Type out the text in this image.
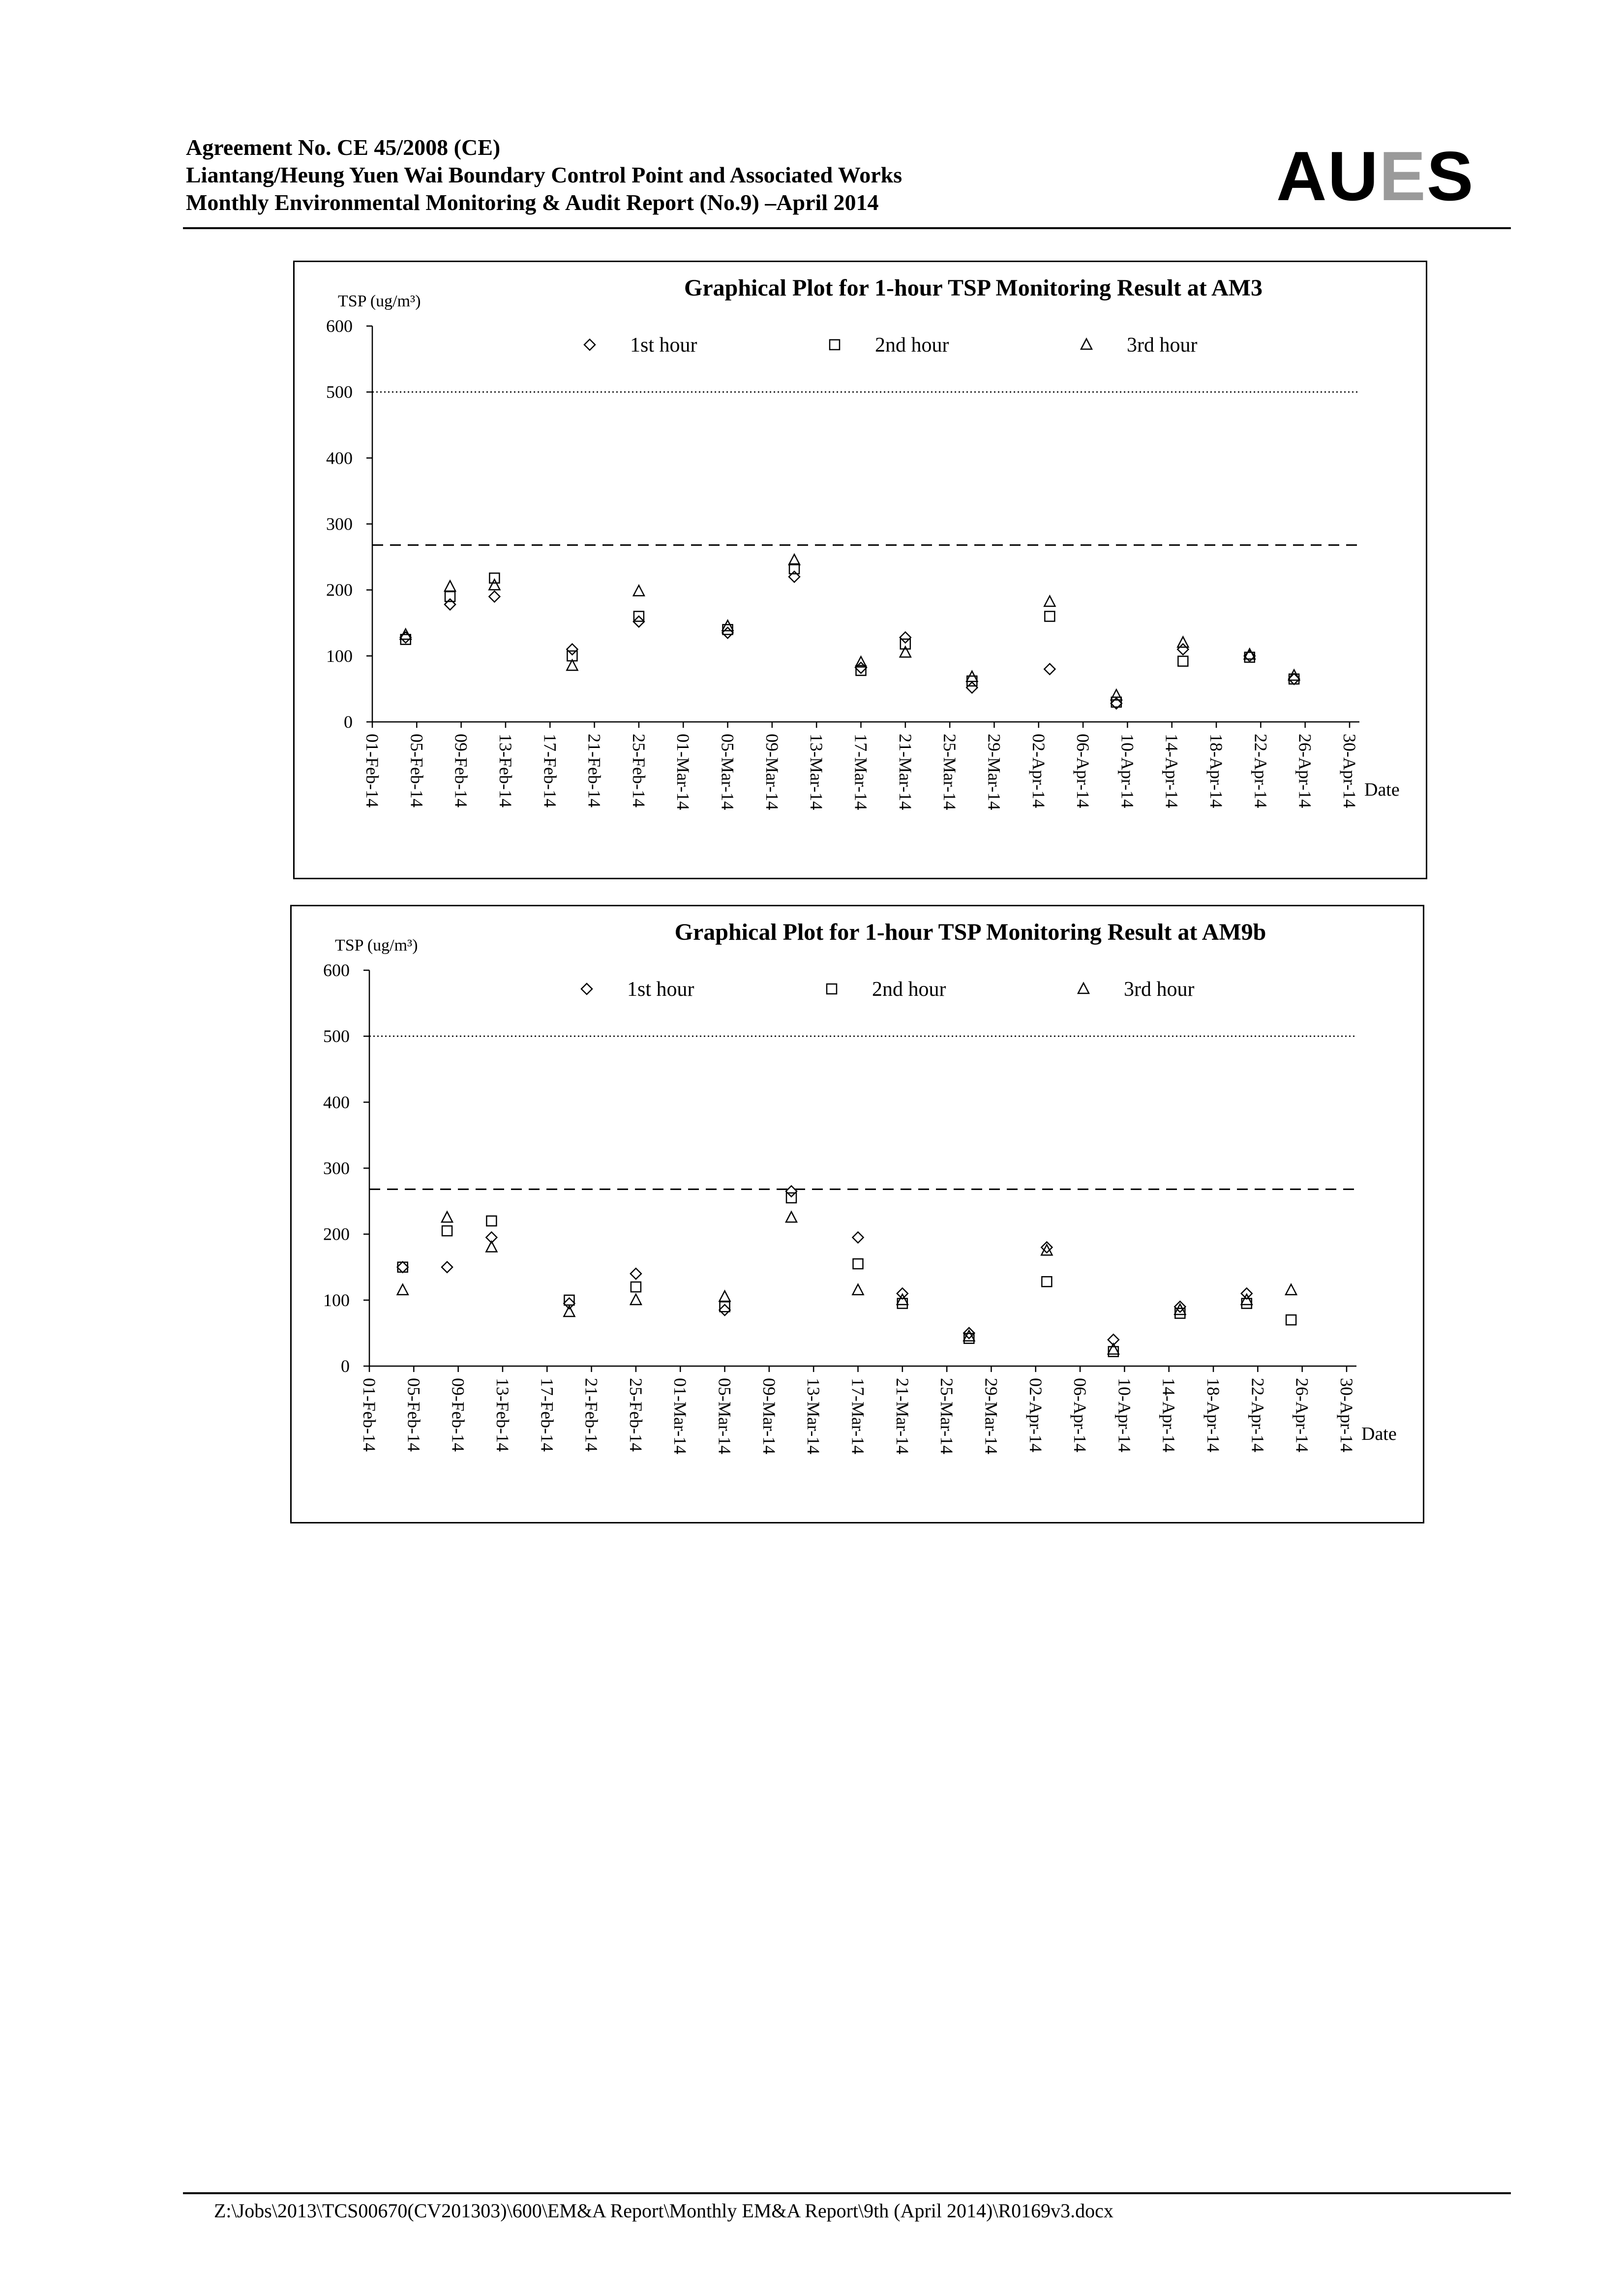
Agreement No. CE 45/2008 (CE)
Liantang/Heung Yuen Wai Boundary Control Point and Associated Works
Monthly Environmental Monitoring & Audit Report (No.9) –April 2014	AUES
Graphical Plot for 1-hour TSP Monitoring Result at AM3
TSP (ug/m³)
Date
0
100
200
300
400
500
600
01-Feb-14 05-Feb-14 09-Feb-14 13-Feb-14 17-Feb-14 21-Feb-14 25-Feb-14 01-Mar-14 05-Mar-14 09-Mar-14 13-Mar-14 17-Mar-14 21-Mar-14 25-Mar-14 29-Mar-14 02-Apr-14 06-Apr-14 10-Apr-14 14-Apr-14 18-Apr-14 22-Apr-14 26-Apr-14 30-Apr-14
1st hour	2nd hour	3rd hour
Graphical Plot for 1-hour TSP Monitoring Result at AM9b
TSP (ug/m³)
Date
0
100
200
300
400
500
600
01-Feb-14 05-Feb-14 09-Feb-14 13-Feb-14 17-Feb-14 21-Feb-14 25-Feb-14 01-Mar-14 05-Mar-14 09-Mar-14 13-Mar-14 17-Mar-14 21-Mar-14 25-Mar-14 29-Mar-14 02-Apr-14 06-Apr-14 10-Apr-14 14-Apr-14 18-Apr-14 22-Apr-14 26-Apr-14 30-Apr-14
1st hour	2nd hour	3rd hour
Z:\Jobs\2013\TCS00670(CV201303)\600\EM&A Report\Monthly EM&A Report\9th (April 2014)\R0169v3.docx
